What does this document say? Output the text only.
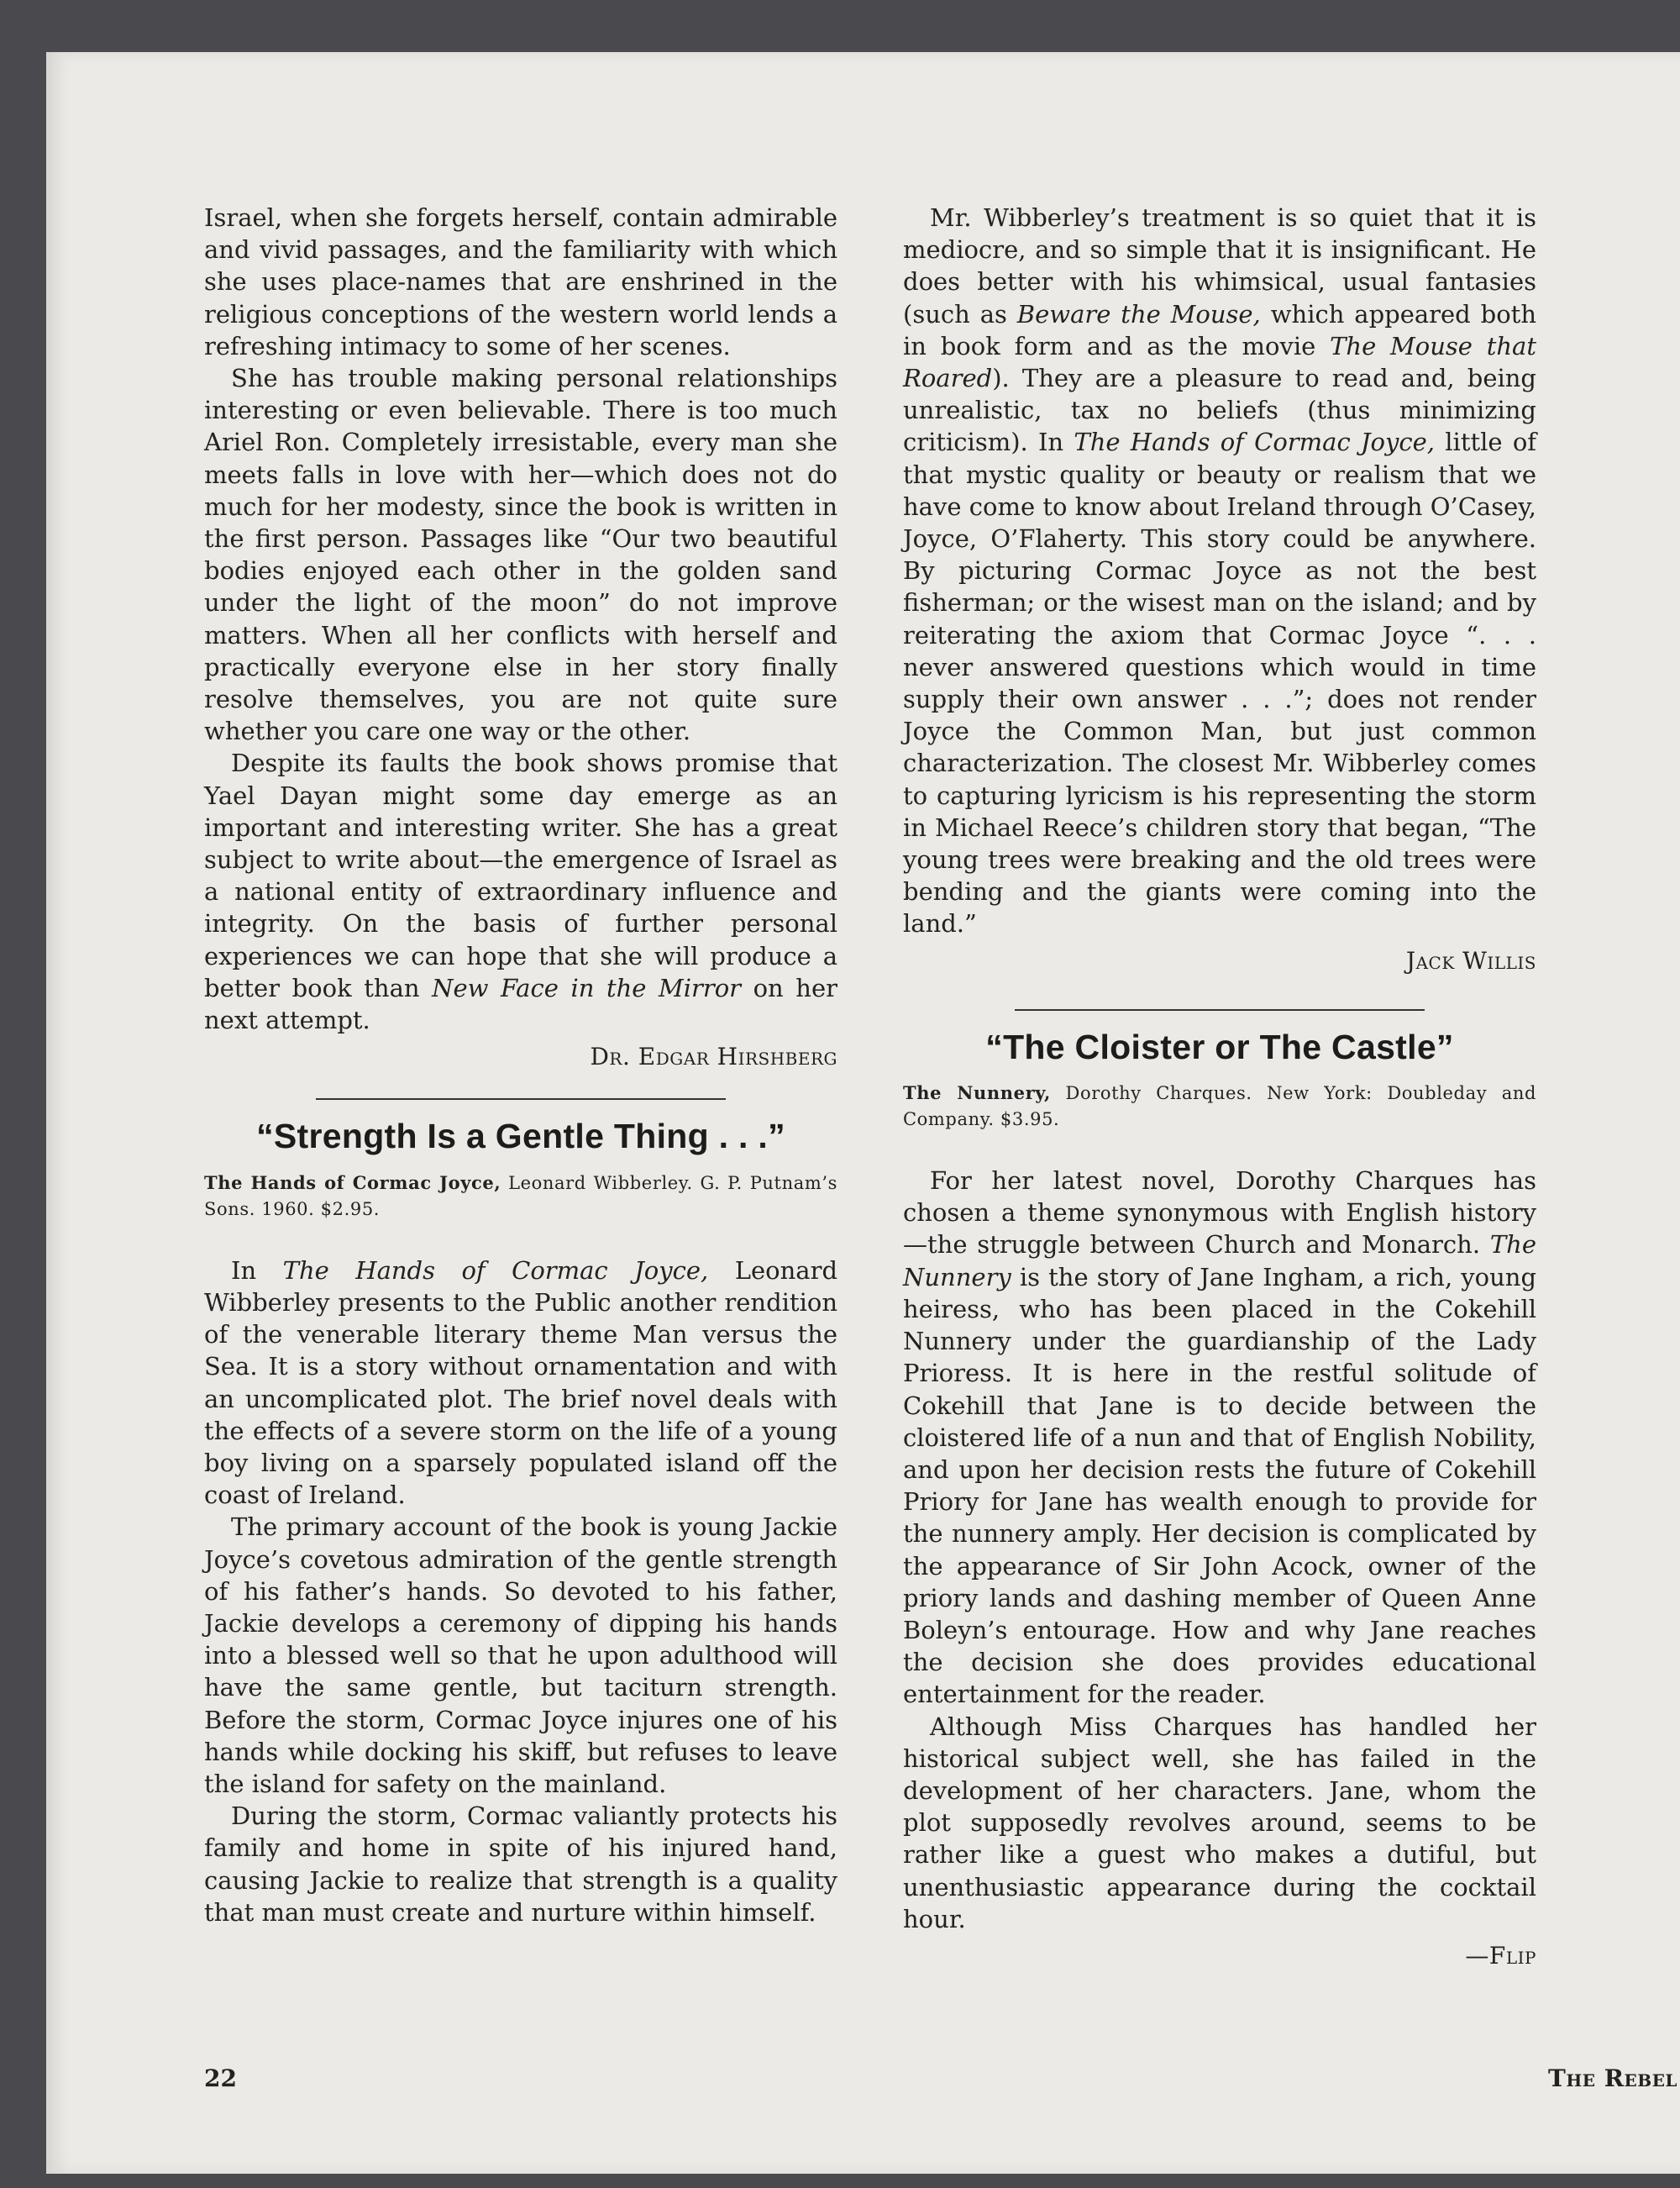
Israel, when she forgets herself, contain admirable and vivid passages, and the familiarity with which she uses place-names that are enshrined in the religious conceptions of the western world lends a refreshing intimacy to some of her scenes.

She has trouble making personal relationships interesting or even believable. There is too much Ariel Ron. Completely irresistable, every man she meets falls in love with her—which does not do much for her modesty, since the book is written in the first person. Passages like “Our two beautiful bodies enjoyed each other in the golden sand under the light of the moon” do not improve matters. When all her conflicts with herself and practically everyone else in her story finally resolve themselves, you are not quite sure whether you care one way or the other.

Despite its faults the book shows promise that Yael Dayan might some day emerge as an important and interesting writer. She has a great subject to write about—the emergence of Israel as a national entity of extraordinary influence and integrity. On the basis of further personal experiences we can hope that she will produce a better book than New Face in the Mirror on her next attempt.

Dr. Edgar Hirshberg
“Strength Is a Gentle Thing . . .”
The Hands of Cormac Joyce, Leonard Wibberley. G. P. Putnam’s Sons. 1960. $2.95.

In The Hands of Cormac Joyce, Leonard Wibberley presents to the Public another rendition of the venerable literary theme Man versus the Sea. It is a story without ornamentation and with an uncomplicated plot. The brief novel deals with the effects of a severe storm on the life of a young boy living on a sparsely populated island off the coast of Ireland.

The primary account of the book is young Jackie Joyce’s covetous admiration of the gentle strength of his father’s hands. So devoted to his father, Jackie develops a ceremony of dipping his hands into a blessed well so that he upon adulthood will have the same gentle, but taciturn strength. Before the storm, Cormac Joyce injures one of his hands while docking his skiff, but refuses to leave the island for safety on the mainland.

During the storm, Cormac valiantly protects his family and home in spite of his injured hand, causing Jackie to realize that strength is a quality that man must create and nurture within himself.

Mr. Wibberley’s treatment is so quiet that it is mediocre, and so simple that it is insignificant. He does better with his whimsical, usual fantasies (such as Beware the Mouse, which appeared both in book form and as the movie The Mouse that Roared). They are a pleasure to read and, being unrealistic, tax no beliefs (thus minimizing criticism). In The Hands of Cormac Joyce, little of that mystic quality or beauty or realism that we have come to know about Ireland through O’Casey, Joyce, O’Flaherty. This story could be anywhere. By picturing Cormac Joyce as not the best fisherman; or the wisest man on the island; and by reiterating the axiom that Cormac Joyce “. . . never answered questions which would in time supply their own answer . . .”; does not render Joyce the Common Man, but just common characterization. The closest Mr. Wibberley comes to capturing lyricism is his representing the storm in Michael Reece’s children story that began, “The young trees were breaking and the old trees were bending and the giants were coming into the land.”

Jack Willis
“The Cloister or The Castle”
The Nunnery, Dorothy Charques. New York: Doubleday and Company. $3.95.

For her latest novel, Dorothy Charques has chosen a theme synonymous with English history —the struggle between Church and Monarch. The Nunnery is the story of Jane Ingham, a rich, young heiress, who has been placed in the Cokehill Nunnery under the guardianship of the Lady Prioress. It is here in the restful solitude of Cokehill that Jane is to decide between the cloistered life of a nun and that of English Nobility, and upon her decision rests the future of Cokehill Priory for Jane has wealth enough to provide for the nunnery amply. Her decision is complicated by the appearance of Sir John Acock, owner of the priory lands and dashing member of Queen Anne Boleyn’s entourage. How and why Jane reaches the decision she does provides educational entertainment for the reader.

Although Miss Charques has handled her historical subject well, she has failed in the development of her characters. Jane, whom the plot supposedly revolves around, seems to be rather like a guest who makes a dutiful, but unenthusiastic appearance during the cocktail hour.

—Flip
22	The Rebel
